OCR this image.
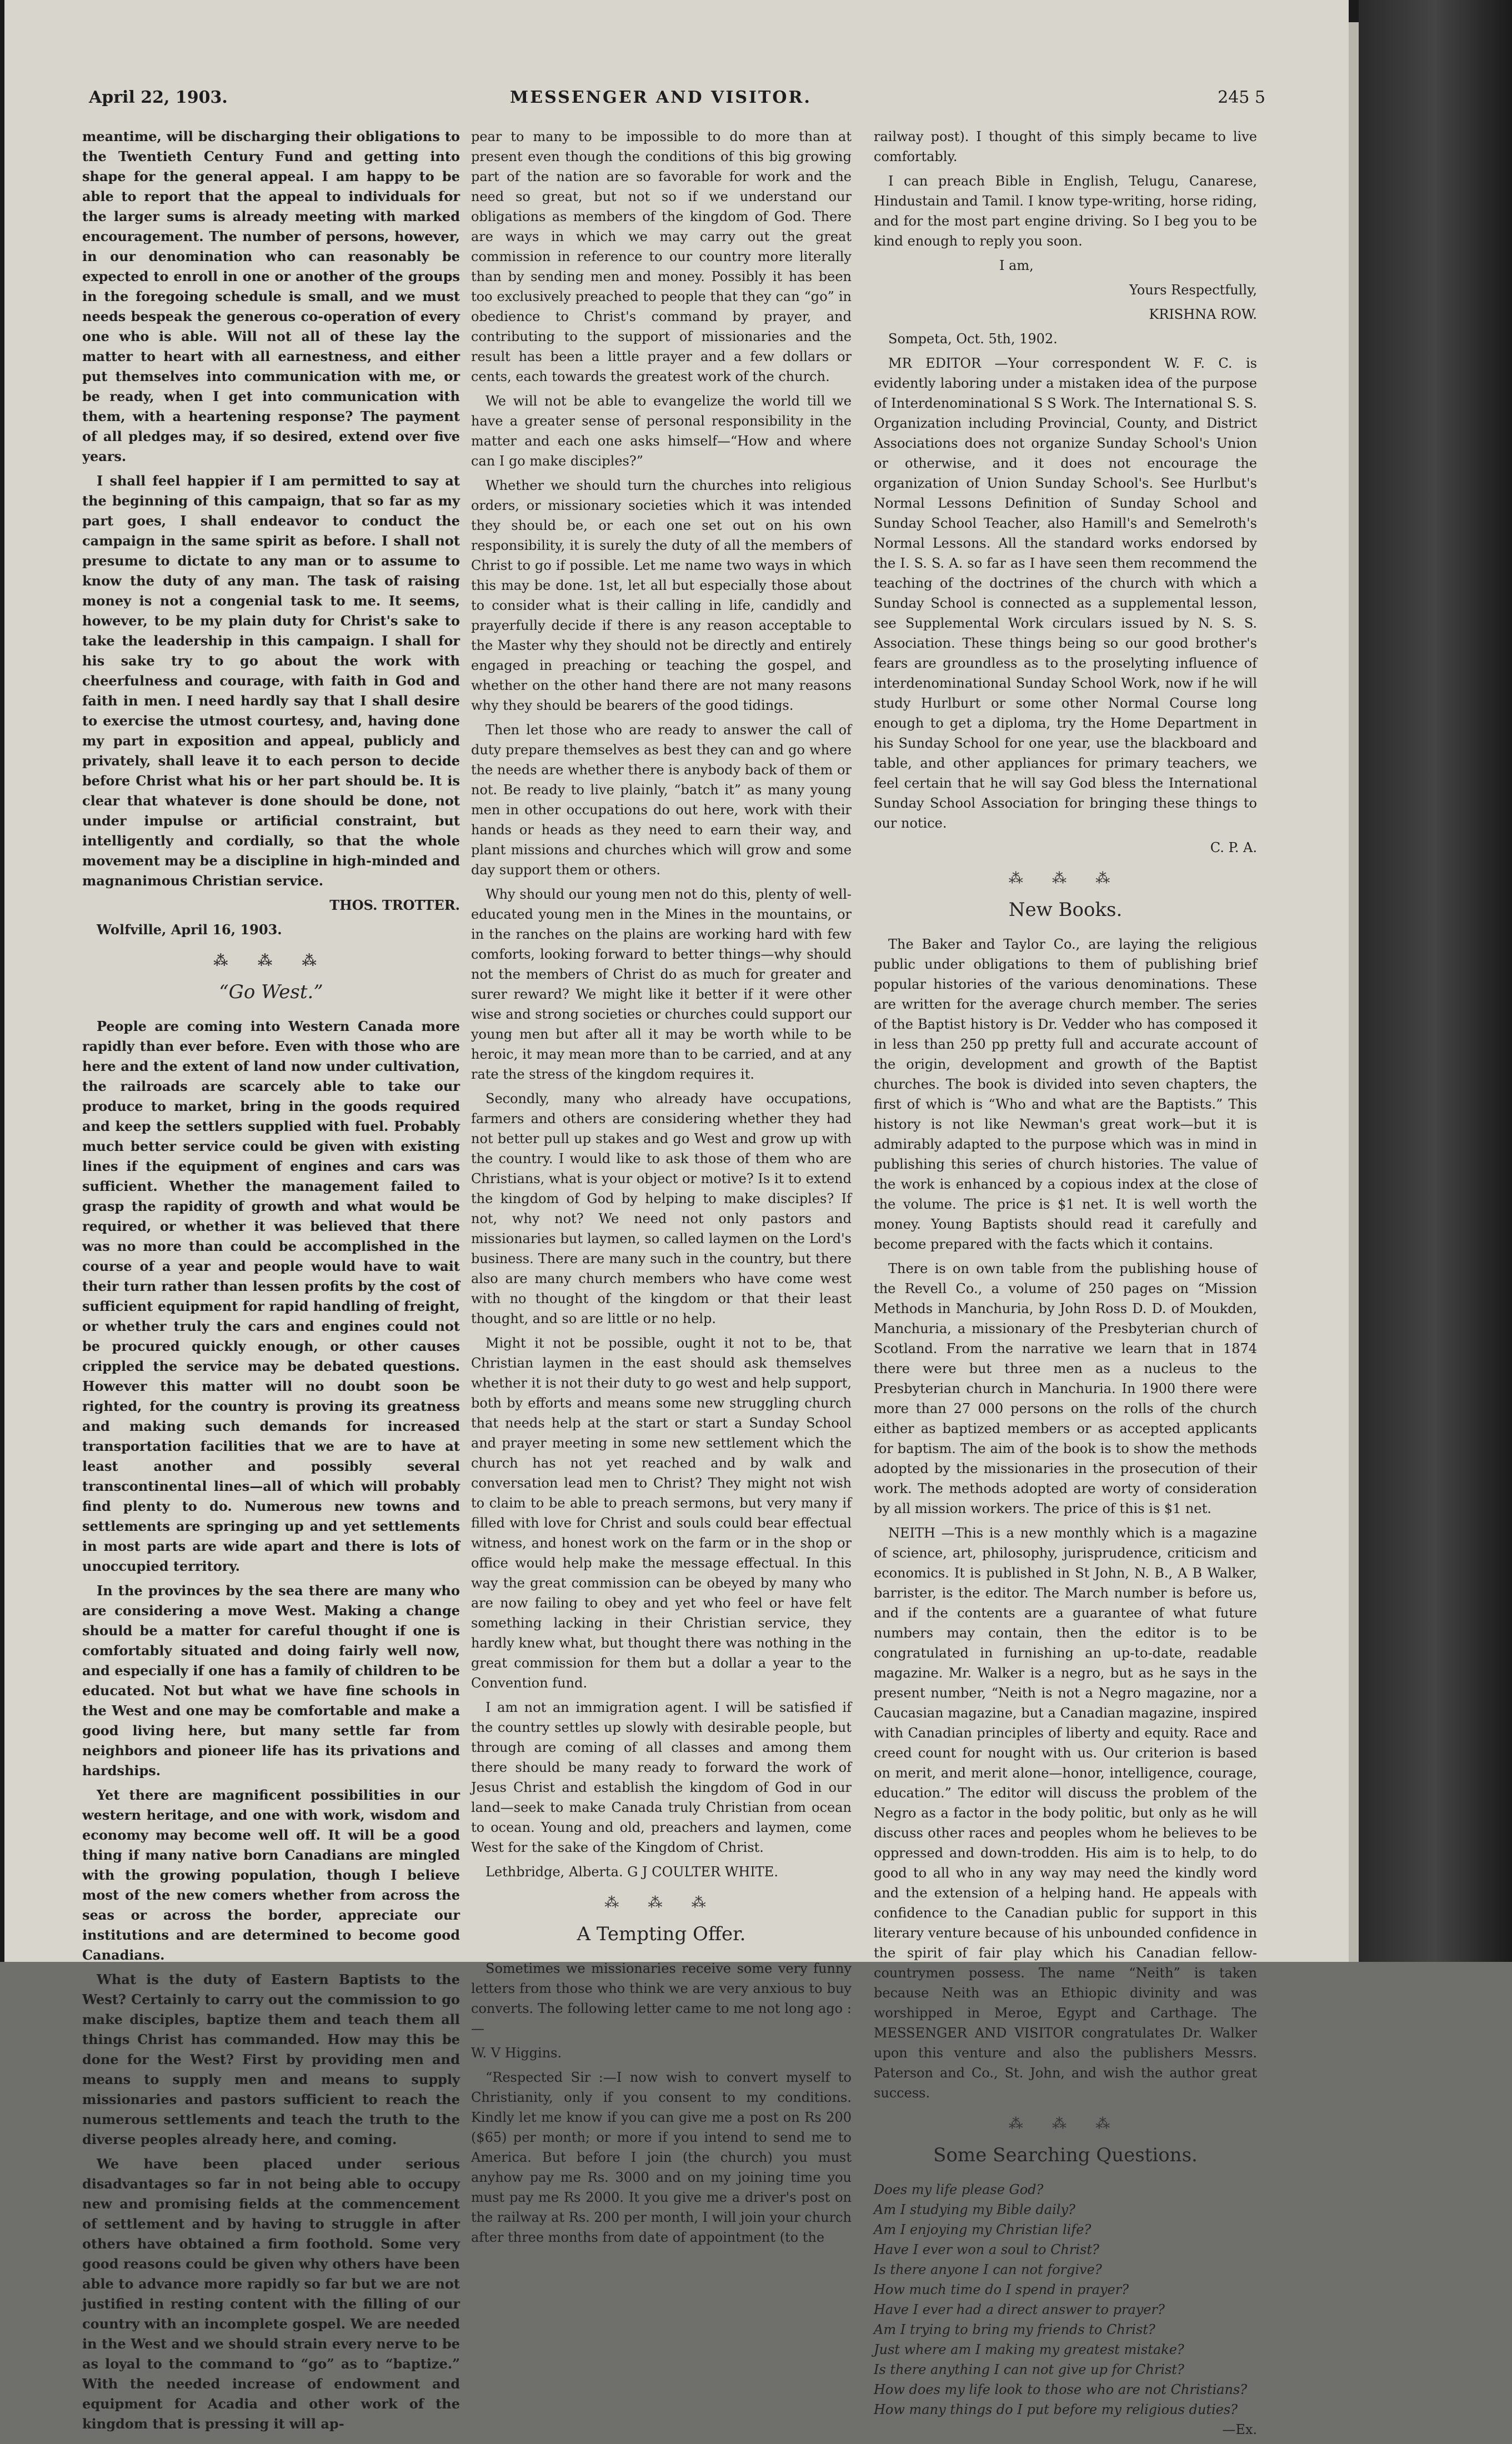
April 22, 1903.	MESSENGER AND VISITOR.	245 5

meantime, will be discharging their obligations to the Twentieth Century Fund and getting into shape for the general appeal. I am happy to be able to report that the appeal to individuals for the larger sums is already meeting with marked encouragement. The number of persons, however, in our denomination who can reasonably be expected to enroll in one or another of the groups in the foregoing schedule is small, and we must needs bespeak the generous co-operation of every one who is able. Will not all of these lay the matter to heart with all earnestness, and either put themselves into communication with me, or be ready, when I get into communication with them, with a heartening response? The payment of all pledges may, if so desired, extend over five years.

I shall feel happier if I am permitted to say at the beginning of this campaign, that so far as my part goes, I shall endeavor to conduct the campaign in the same spirit as before. I shall not presume to dictate to any man or to assume to know the duty of any man. The task of raising money is not a congenial task to me. It seems, however, to be my plain duty for Christ's sake to take the leadership in this campaign. I shall for his sake try to go about the work with cheerfulness and courage, with faith in God and faith in men. I need hardly say that I shall desire to exercise the utmost courtesy, and, having done my part in exposition and appeal, publicly and privately, shall leave it to each person to decide before Christ what his or her part should be. It is clear that whatever is done should be done, not under impulse or artificial constraint, but intelligently and cordially, so that the whole movement may be a discipline in high-minded and magnanimous Christian service.

THOS. TROTTER.

Wolfville, April 16, 1903.

⁂ ⁂ ⁂
“Go West.”

People are coming into Western Canada more rapidly than ever before. Even with those who are here and the extent of land now under cultivation, the railroads are scarcely able to take our produce to market, bring in the goods required and keep the settlers supplied with fuel. Probably much better service could be given with existing lines if the equipment of engines and cars was sufficient. Whether the management failed to grasp the rapidity of growth and what would be required, or whether it was believed that there was no more than could be accomplished in the course of a year and people would have to wait their turn rather than lessen profits by the cost of sufficient equipment for rapid handling of freight, or whether truly the cars and engines could not be procured quickly enough, or other causes crippled the service may be debated questions. However this matter will no doubt soon be righted, for the country is proving its greatness and making such demands for increased transportation facilities that we are to have at least another and possibly several transcontinental lines—all of which will probably find plenty to do. Numerous new towns and settlements are springing up and yet settlements in most parts are wide apart and there is lots of unoccupied territory.

In the provinces by the sea there are many who are considering a move West. Making a change should be a matter for careful thought if one is comfortably situated and doing fairly well now, and especially if one has a family of children to be educated. Not but what we have fine schools in the West and one may be comfortable and make a good living here, but many settle far from neighbors and pioneer life has its privations and hardships.

Yet there are magnificent possibilities in our western heritage, and one with work, wisdom and economy may become well off. It will be a good thing if many native born Canadians are mingled with the growing population, though I believe most of the new comers whether from across the seas or across the border, appreciate our institutions and are determined to become good Canadians.

What is the duty of Eastern Baptists to the West? Certainly to carry out the commission to go make disciples, baptize them and teach them all things Christ has commanded. How may this be done for the West? First by providing men and means to supply men and means to supply missionaries and pastors sufficient to reach the numerous settlements and teach the truth to the diverse peoples already here, and coming.

We have been placed under serious disadvantages so far in not being able to occupy new and promising fields at the commencement of settlement and by having to struggle in after others have obtained a firm foothold. Some very good reasons could be given why others have been able to advance more rapidly so far but we are not justified in resting content with the filling of our country with an incomplete gospel. We are needed in the West and we should strain every nerve to be as loyal to the command to “go” as to “baptize.” With the needed increase of endowment and equipment for Acadia and other work of the kingdom that is pressing it will ap-

pear to many to be impossible to do more than at present even though the conditions of this big growing part of the nation are so favorable for work and the need so great, but not so if we understand our obligations as members of the kingdom of God. There are ways in which we may carry out the great commission in reference to our country more literally than by sending men and money. Possibly it has been too exclusively preached to people that they can “go” in obedience to Christ's command by prayer, and contributing to the support of missionaries and the result has been a little prayer and a few dollars or cents, each towards the greatest work of the church.

We will not be able to evangelize the world till we have a greater sense of personal responsibility in the matter and each one asks himself—“How and where can I go make disciples?”

Whether we should turn the churches into religious orders, or missionary societies which it was intended they should be, or each one set out on his own responsibility, it is surely the duty of all the members of Christ to go if possible. Let me name two ways in which this may be done. 1st, let all but especially those about to consider what is their calling in life, candidly and prayerfully decide if there is any reason acceptable to the Master why they should not be directly and entirely engaged in preaching or teaching the gospel, and whether on the other hand there are not many reasons why they should be bearers of the good tidings.

Then let those who are ready to answer the call of duty prepare themselves as best they can and go where the needs are whether there is anybody back of them or not. Be ready to live plainly, “batch it” as many young men in other occupations do out here, work with their hands or heads as they need to earn their way, and plant missions and churches which will grow and some day support them or others.

Why should our young men not do this, plenty of well-educated young men in the Mines in the mountains, or in the ranches on the plains are working hard with few comforts, looking forward to better things—why should not the members of Christ do as much for greater and surer reward? We might like it better if it were other wise and strong societies or churches could support our young men but after all it may be worth while to be heroic, it may mean more than to be carried, and at any rate the stress of the kingdom requires it.

Secondly, many who already have occupations, farmers and others are considering whether they had not better pull up stakes and go West and grow up with the country. I would like to ask those of them who are Christians, what is your object or motive? Is it to extend the kingdom of God by helping to make disciples? If not, why not? We need not only pastors and missionaries but laymen, so called laymen on the Lord's business. There are many such in the country, but there also are many church members who have come west with no thought of the kingdom or that their least thought, and so are little or no help.

Might it not be possible, ought it not to be, that Christian laymen in the east should ask themselves whether it is not their duty to go west and help support, both by efforts and means some new struggling church that needs help at the start or start a Sunday School and prayer meeting in some new settlement which the church has not yet reached and by walk and conversation lead men to Christ? They might not wish to claim to be able to preach sermons, but very many if filled with love for Christ and souls could bear effectual witness, and honest work on the farm or in the shop or office would help make the message effectual. In this way the great commission can be obeyed by many who are now failing to obey and yet who feel or have felt something lacking in their Christian service, they hardly knew what, but thought there was nothing in the great commission for them but a dollar a year to the Convention fund.

I am not an immigration agent. I will be satisfied if the country settles up slowly with desirable people, but through are coming of all classes and among them there should be many ready to forward the work of Jesus Christ and establish the kingdom of God in our land—seek to make Canada truly Christian from ocean to ocean. Young and old, preachers and laymen, come West for the sake of the Kingdom of Christ.

Lethbridge, Alberta. G J COULTER WHITE.

⁂ ⁂ ⁂
A Tempting Offer.

Sometimes we missionaries receive some very funny letters from those who think we are very anxious to buy converts. The following letter came to me not long ago :—

W. V Higgins.

“Respected Sir :—I now wish to convert myself to Christianity, only if you consent to my conditions. Kindly let me know if you can give me a post on Rs 200 ($65) per month; or more if you intend to send me to America. But before I join (the church) you must anyhow pay me Rs. 3000 and on my joining time you must pay me Rs 2000. It you give me a driver's post on the railway at Rs. 200 per month, I will join your church after three months from date of appointment (to the

railway post). I thought of this simply became to live comfortably.

I can preach Bible in English, Telugu, Canarese, Hindustain and Tamil. I know type-writing, horse riding, and for the most part engine driving. So I beg you to be kind enough to reply you soon.

I am,

Yours Respectfully,

KRISHNA ROW.

Sompeta, Oct. 5th, 1902.

MR EDITOR —Your correspondent W. F. C. is evidently laboring under a mistaken idea of the purpose of Interdenominational S S Work. The International S. S. Organization including Provincial, County, and District Associations does not organize Sunday School's Union or otherwise, and it does not encourage the organization of Union Sunday School's. See Hurlbut's Normal Lessons Definition of Sunday School and Sunday School Teacher, also Hamill's and Semelroth's Normal Lessons. All the standard works endorsed by the I. S. S. A. so far as I have seen them recommend the teaching of the doctrines of the church with which a Sunday School is connected as a supplemental lesson, see Supplemental Work circulars issued by N. S. S. Association. These things being so our good brother's fears are groundless as to the proselyting influence of interdenominational Sunday School Work, now if he will study Hurlburt or some other Normal Course long enough to get a diploma, try the Home Department in his Sunday School for one year, use the blackboard and table, and other appliances for primary teachers, we feel certain that he will say God bless the International Sunday School Association for bringing these things to our notice.

C. P. A.

⁂ ⁂ ⁂
New Books.

The Baker and Taylor Co., are laying the religious public under obligations to them of publishing brief popular histories of the various denominations. These are written for the average church member. The series of the Baptist history is Dr. Vedder who has composed it in less than 250 pp pretty full and accurate account of the origin, development and growth of the Baptist churches. The book is divided into seven chapters, the first of which is “Who and what are the Baptists.” This history is not like Newman's great work—but it is admirably adapted to the purpose which was in mind in publishing this series of church histories. The value of the work is enhanced by a copious index at the close of the volume. The price is $1 net. It is well worth the money. Young Baptists should read it carefully and become prepared with the facts which it contains.

There is on own table from the publishing house of the Revell Co., a volume of 250 pages on “Mission Methods in Manchuria, by John Ross D. D. of Moukden, Manchuria, a missionary of the Presbyterian church of Scotland. From the narrative we learn that in 1874 there were but three men as a nucleus to the Presbyterian church in Manchuria. In 1900 there were more than 27 000 persons on the rolls of the church either as baptized members or as accepted applicants for baptism. The aim of the book is to show the methods adopted by the missionaries in the prosecution of their work. The methods adopted are worty of consideration by all mission workers. The price of this is $1 net.

NEITH —This is a new monthly which is a magazine of science, art, philosophy, jurisprudence, criticism and economics. It is published in St John, N. B., A B Walker, barrister, is the editor. The March number is before us, and if the contents are a guarantee of what future numbers may contain, then the editor is to be congratulated in furnishing an up-to-date, readable magazine. Mr. Walker is a negro, but as he says in the present number, “Neith is not a Negro magazine, nor a Caucasian magazine, but a Canadian magazine, inspired with Canadian principles of liberty and equity. Race and creed count for nought with us. Our criterion is based on merit, and merit alone—honor, intelligence, courage, education.” The editor will discuss the problem of the Negro as a factor in the body politic, but only as he will discuss other races and peoples whom he believes to be oppressed and down-trodden. His aim is to help, to do good to all who in any way may need the kindly word and the extension of a helping hand. He appeals with confidence to the Canadian public for support in this literary venture because of his unbounded confidence in the spirit of fair play which his Canadian fellow-countrymen possess. The name “Neith” is taken because Neith was an Ethiopic divinity and was worshipped in Meroe, Egypt and Carthage. The MESSENGER AND VISITOR congratulates Dr. Walker upon this venture and also the publishers Messrs. Paterson and Co., St. John, and wish the author great success.

⁂ ⁂ ⁂
Some Searching Questions.
Does my life please God?
Am I studying my Bible daily?
Am I enjoying my Christian life?
Have I ever won a soul to Christ?
Is there anyone I can not forgive?
How much time do I spend in prayer?
Have I ever had a direct answer to prayer?
Am I trying to bring my friends to Christ?
Just where am I making my greatest mistake?
Is there anything I can not give up for Christ?
How does my life look to those who are not Christians?
How many things do I put before my religious duties?

—Ex.
